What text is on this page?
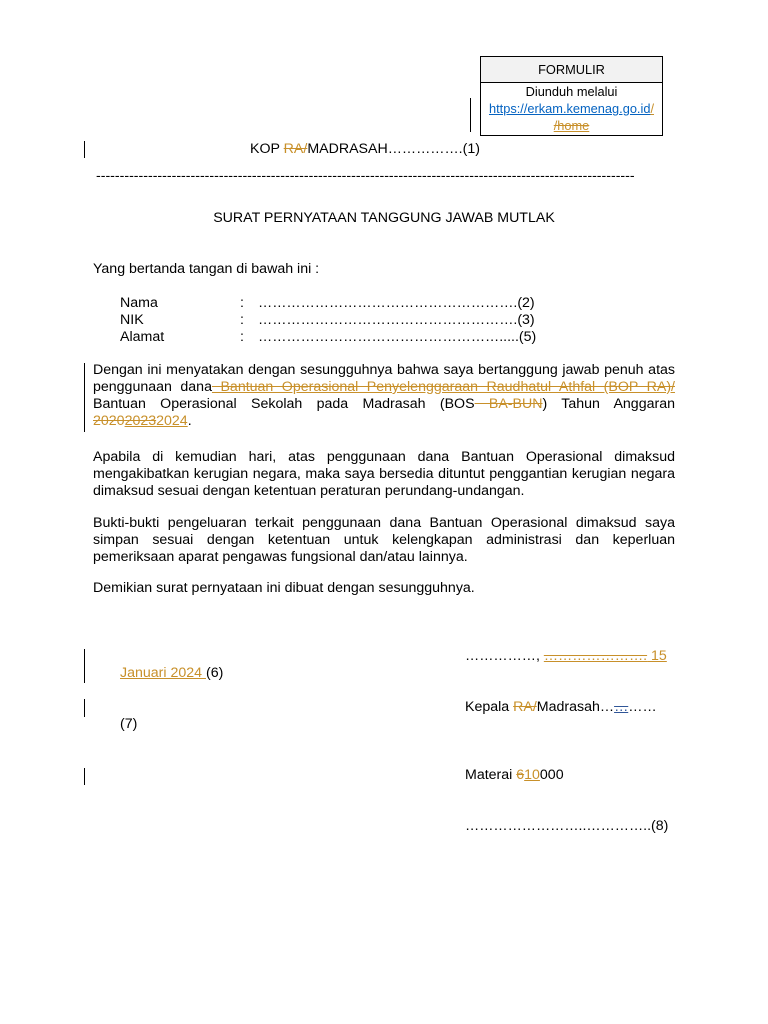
FORMULIR
Diunduh melalui
https://erkam.kemenag.go.id/
/home
KOP RA/MADRASAH…………….(1)
------------------------------------------------------------------------------------------------------------------
SURAT PERNYATAAN TANGGUNG JAWAB MUTLAK
Yang bertanda tangan di bawah ini :
Nama	: ……………………………………………….(2)
NIK	: ……………………………………………….(3)
Alamat	: …………………………………………….....(5)
Dengan ini menyatakan dengan sesungguhnya bahwa saya bertanggung jawab penuh atas penggunaan dana Bantuan Operasional Penyelenggaraan Raudhatul Athfal (BOP RA)/ Bantuan Operasional Sekolah pada Madrasah (BOS BA-BUN) Tahun Anggaran 202020232024.
Apabila di kemudian hari, atas penggunaan dana Bantuan Operasional dimaksud mengakibatkan kerugian negara, maka saya bersedia dituntut penggantian kerugian negara dimaksud sesuai dengan ketentuan peraturan perundang-undangan.
Bukti-bukti pengeluaran terkait penggunaan dana Bantuan Operasional dimaksud saya simpan sesuai dengan ketentuan untuk kelengkapan administrasi dan keperluan pemeriksaan aparat pengawas fungsional dan/atau lainnya.
Demikian surat pernyataan ini dibuat dengan sesungguhnya.
……………, …………………. 15
Januari 2024 (6)
Kepala RA/Madrasah…………
(7)
Materai 610000
……………………..…………..(8)
